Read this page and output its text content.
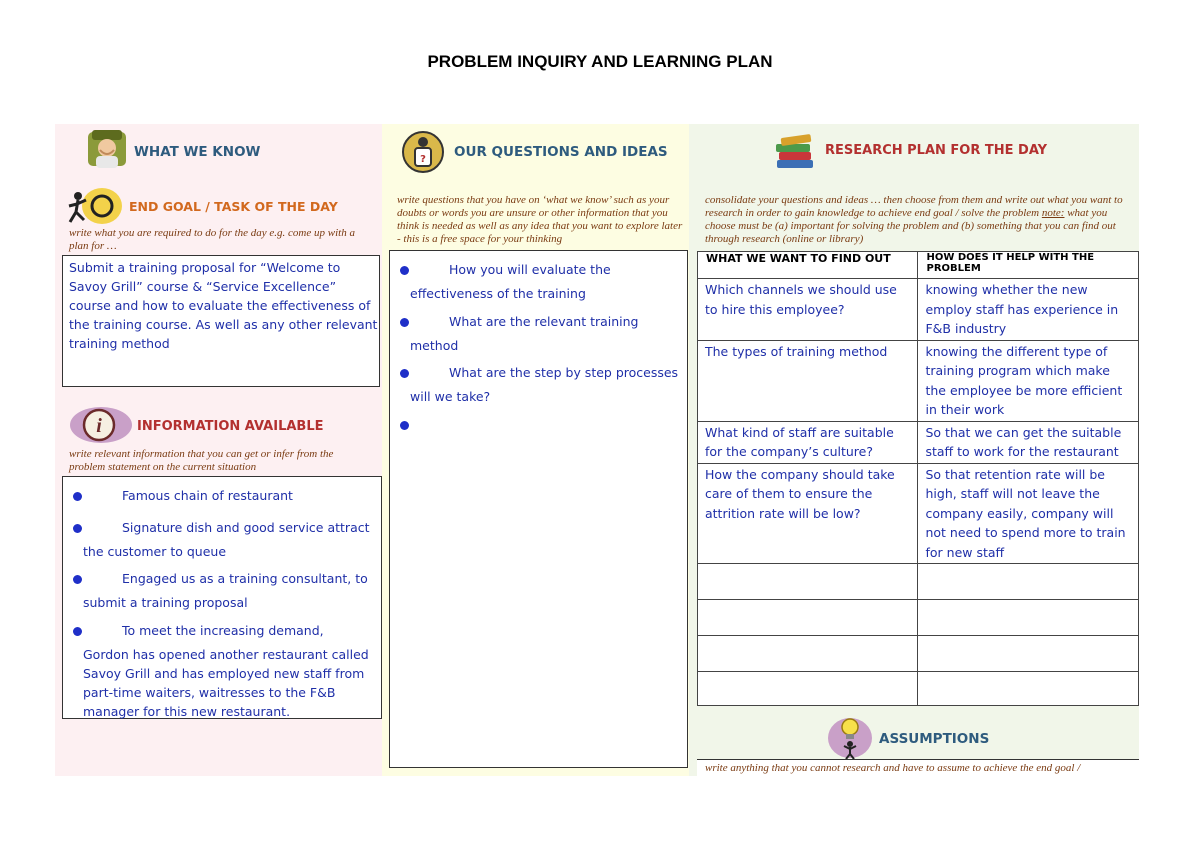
PROBLEM INQUIRY AND LEARNING PLAN
WHAT WE KNOW
END GOAL / TASK OF THE DAY
write what you are required to do for the day e.g. come up with a plan for …
Submit a training proposal for “Welcome to Savoy Grill” course & “Service Excellence” course and how to evaluate the effectiveness of the training course. As well as any other relevant training method
i	INFORMATION AVAILABLE
write relevant information that you can get or infer from the problem statement on the current situation
Famous chain of restaurant
Signature dish and good service attract
the customer to queue
Engaged us as a training consultant, to
submit a training proposal
To meet the increasing demand,
Gordon has opened another restaurant called Savoy Grill and has employed new staff from part-time waiters, waitresses to the F&B manager for this new restaurant.
? OUR QUESTIONS AND IDEAS
write questions that you have on ‘what we know’ such as your doubts or words you are unsure or other information that you think is needed as well as any idea that you want to explore later - this is a free space for your thinking
How you will evaluate the
effectiveness of the training
What are the relevant training
method
What are the step by step processes
will we take?
RESEARCH PLAN FOR THE DAY
consolidate your questions and ideas … then choose from them and write out what you want to research in order to gain knowledge to achieve end goal / solve the problem note: what you choose must be (a) important for solving the problem and (b) something that you can find out through research (online or library)
WHAT WE WANT TO FIND OUT	HOW DOES IT HELP WITH THE PROBLEM
Which channels we should use to hire this employee?	knowing whether the new employ staff has experience in F&B industry
The types of training method	knowing the different type of training program which make the employee be more efficient in their work
What kind of staff are suitable for the company’s culture?	So that we can get the suitable staff to work for the restaurant
How the company should take care of them to ensure the attrition rate will be low?	So that retention rate will be high, staff will not leave the company easily, company will not need to spend more to train for new staff

ASSUMPTIONS
write anything that you cannot research and have to assume to achieve the end goal /
